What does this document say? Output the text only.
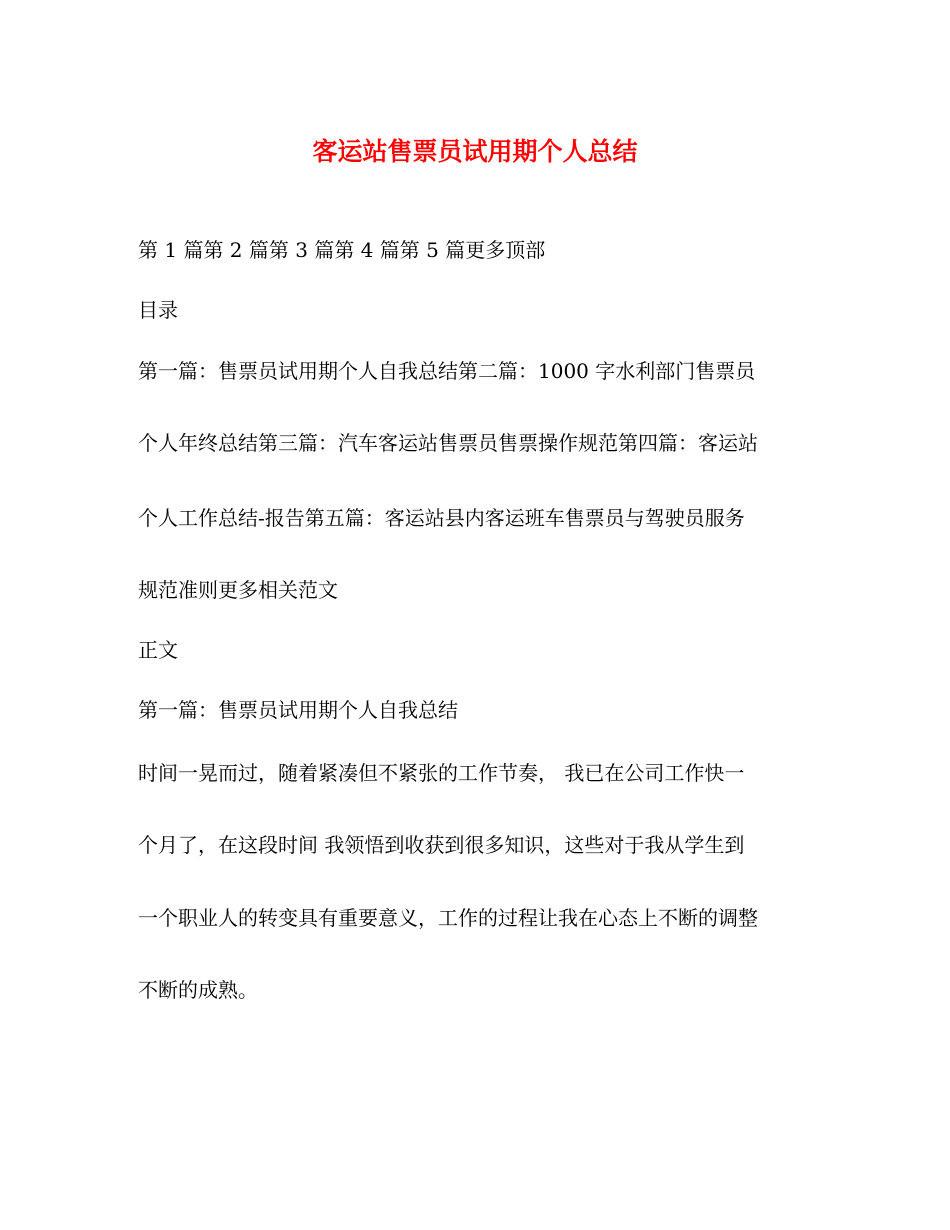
客运站售票员试用期个人总结
第 1 篇第 2 篇第 3 篇第 4 篇第 5 篇更多顶部
目录
第一篇：售票员试用期个人自我总结第二篇：1000 字水利部门售票员
个人年终总结第三篇：汽车客运站售票员售票操作规范第四篇：客运站
个人工作总结-报告第五篇：客运站县内客运班车售票员与驾驶员服务
规范准则更多相关范文
正文
第一篇：售票员试用期个人自我总结
时间一晃而过，随着紧凑但不紧张的工作节奏， 我已在公司工作快一
个月了，在这段时间 我领悟到收获到很多知识，这些对于我从学生到
一个职业人的转变具有重要意义，工作的过程让我在心态上不断的调整
不断的成熟。
